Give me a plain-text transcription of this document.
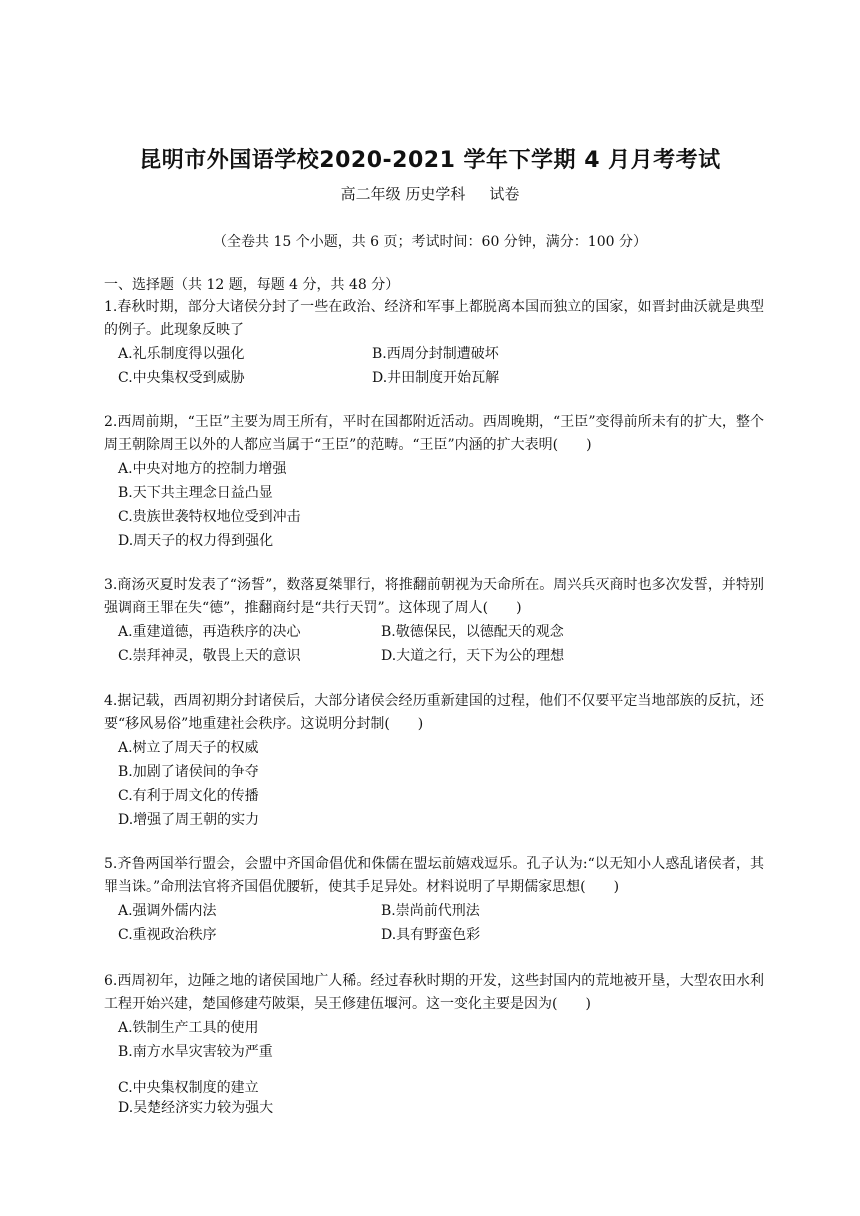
昆明市外国语学校2020-2021 学年下学期 4 月月考考试
高二年级 历史学科 试卷
（全卷共 15 个小题，共 6 页；考试时间：60 分钟，满分：100 分）
一、选择题（共 12 题，每题 4 分，共 48 分）
1.春秋时期，部分大诸侯分封了一些在政治、经济和军事上都脱离本国而独立的国家，如晋封曲沃就是典型的例子。此现象反映了
A.礼乐制度得以强化	B.西周分封制遭破坏
C.中央集权受到威胁	D.井田制度开始瓦解
2.西周前期，“王臣”主要为周王所有，平时在国都附近活动。西周晚期，“王臣”变得前所未有的扩大，整个周王朝除周王以外的人都应当属于“王臣”的范畴。“王臣”内涵的扩大表明(　　)
A.中央对地方的控制力增强
B.天下共主理念日益凸显
C.贵族世袭特权地位受到冲击
D.周天子的权力得到强化
3.商汤灭夏时发表了“汤誓”，数落夏桀罪行，将推翻前朝视为天命所在。周兴兵灭商时也多次发誓，并特别强调商王罪在失“德”，推翻商纣是“共行天罚”。这体现了周人(　　)
A.重建道德，再造秩序的决心	B.敬德保民，以德配天的观念
C.崇拜神灵，敬畏上天的意识	D.大道之行，天下为公的理想
4.据记载，西周初期分封诸侯后，大部分诸侯会经历重新建国的过程，他们不仅要平定当地部族的反抗，还要“移风易俗”地重建社会秩序。这说明分封制(　　)
A.树立了周天子的权威
B.加剧了诸侯间的争夺
C.有利于周文化的传播
D.增强了周王朝的实力
5.齐鲁两国举行盟会，会盟中齐国命倡优和侏儒在盟坛前嬉戏逗乐。孔子认为:“以无知小人惑乱诸侯者，其罪当诛。”命刑法官将齐国倡优腰斩，使其手足异处。材料说明了早期儒家思想(　　)
A.强调外儒内法	B.崇尚前代刑法
C.重视政治秩序	D.具有野蛮色彩
6.西周初年，边陲之地的诸侯国地广人稀。经过春秋时期的开发，这些封国内的荒地被开垦，大型农田水利工程开始兴建，楚国修建芍陂渠，吴王修建伍堰河。这一变化主要是因为(　　)
A.铁制生产工具的使用
B.南方水旱灾害较为严重
C.
中央集权制度的建立
D.吴楚经济实力较为强大
